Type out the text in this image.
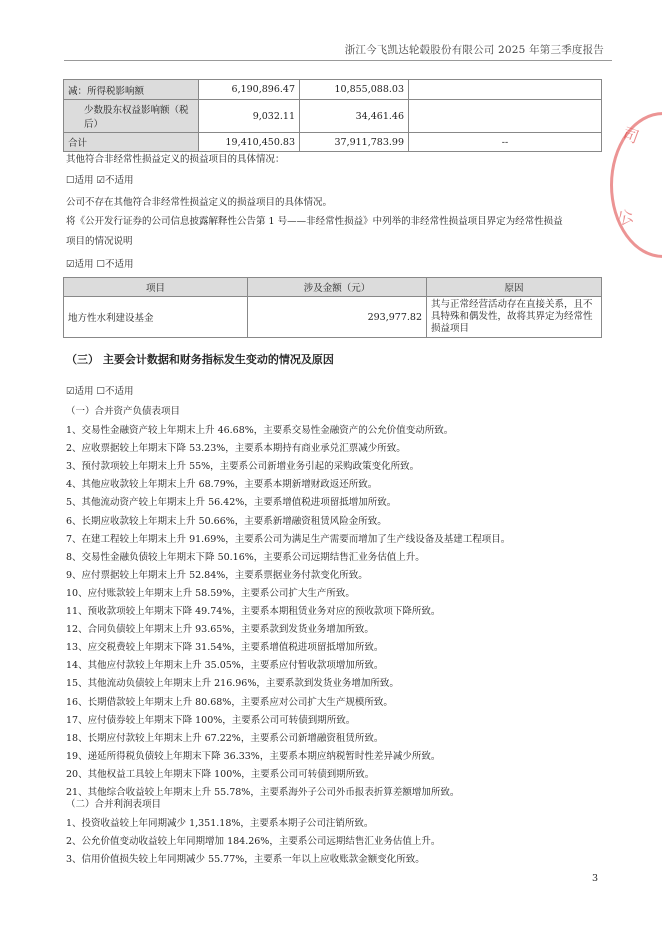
浙江今飞凯达轮毂股份有限公司 2025 年第三季度报告
减：所得税影响额	6,190,896.47	10,855,088.03	
少数股东权益影响额（税后）	9,032.11	34,461.46	
合计	19,410,450.83	37,911,783.99	--
其他符合非经常性损益定义的损益项目的具体情况：
☐适用 ☑不适用
公司不存在其他符合非经常性损益定义的损益项目的具体情况。
将《公开发行证券的公司信息披露解释性公告第 1 号——非经常性损益》中列举的非经常性损益项目界定为经常性损益
项目的情况说明
☑适用 ☐不适用
项目	涉及金额（元）	原因
地方性水利建设基金	293,977.82	其与正常经营活动存在直接关系，且不具特殊和偶发性，故将其界定为经常性损益项目
（三） 主要会计数据和财务指标发生变动的情况及原因
☑适用 ☐不适用
（一）合并资产负债表项目
1、交易性金融资产较上年期末上升 46.68%，主要系交易性金融资产的公允价值变动所致。
2、应收票据较上年期末下降 53.23%，主要系本期持有商业承兑汇票减少所致。
3、预付款项较上年期末上升 55%，主要系公司新增业务引起的采购政策变化所致。
4、其他应收款较上年期末上升 68.79%，主要系本期新增财政返还所致。
5、其他流动资产较上年期末上升 56.42%，主要系增值税进项留抵增加所致。
6、长期应收款较上年期末上升 50.66%，主要系新增融资租赁风险金所致。
7、在建工程较上年期末上升 91.69%，主要系公司为满足生产需要而增加了生产线设备及基建工程项目。
8、交易性金融负债较上年期末下降 50.16%，主要系公司远期结售汇业务估值上升。
9、应付票据较上年期末上升 52.84%，主要系票据业务付款变化所致。
10、应付账款较上年期末上升 58.59%，主要系公司扩大生产所致。
11、预收款项较上年期末下降 49.74%，主要系本期租赁业务对应的预收款项下降所致。
12、合同负债较上年期末上升 93.65%，主要系款到发货业务增加所致。
13、应交税费较上年期末下降 31.54%，主要系增值税进项留抵增加所致。
14、其他应付款较上年期末上升 35.05%，主要系应付暂收款项增加所致。
15、其他流动负债较上年期末上升 216.96%，主要系款到发货业务增加所致。
16、长期借款较上年期末上升 80.68%，主要系应对公司扩大生产规模所致。
17、应付债券较上年期末下降 100%，主要系公司可转债到期所致。
18、长期应付款较上年期末上升 67.22%，主要系公司新增融资租赁所致。
19、递延所得税负债较上年期末下降 36.33%，主要系本期应纳税暂时性差异减少所致。
20、其他权益工具较上年期末下降 100%，主要系公司可转债到期所致。
21、其他综合收益较上年期末上升 55.78%，主要系海外子公司外币报表折算差额增加所致。
（二）合并利润表项目
1、投资收益较上年同期减少 1,351.18%，主要系本期子公司注销所致。
2、公允价值变动收益较上年同期增加 184.26%，主要系公司远期结售汇业务估值上升。
3、信用价值损失较上年同期减少 55.77%，主要系一年以上应收账款金额变化所致。
3
司
公
